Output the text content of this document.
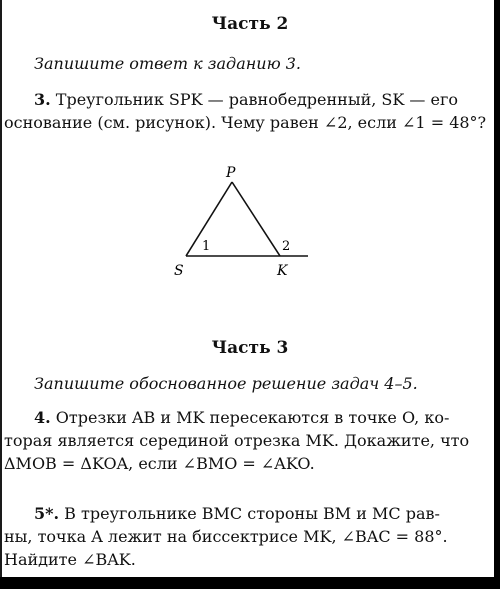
Часть 2
Запишите ответ к заданию 3.
3. Треугольник SPK — равнобедренный, SK — его
основание (см. рисунок). Чему равен ∠2, если ∠1 = 48°?
P
S	K
1	2
Часть 3
Запишите обоснованное решение задач 4–5.
4. Отрезки AB и MK пересекаются в точке O, ко-
торая является серединой отрезка MK. Докажите, что
ΔMOB = ΔKOA, если ∠BMO = ∠AKO.
5*. В треугольнике BMC стороны BM и MC рав-
ны, точка A лежит на биссектрисе MK, ∠BAC = 88°.
Найдите ∠BAK.
